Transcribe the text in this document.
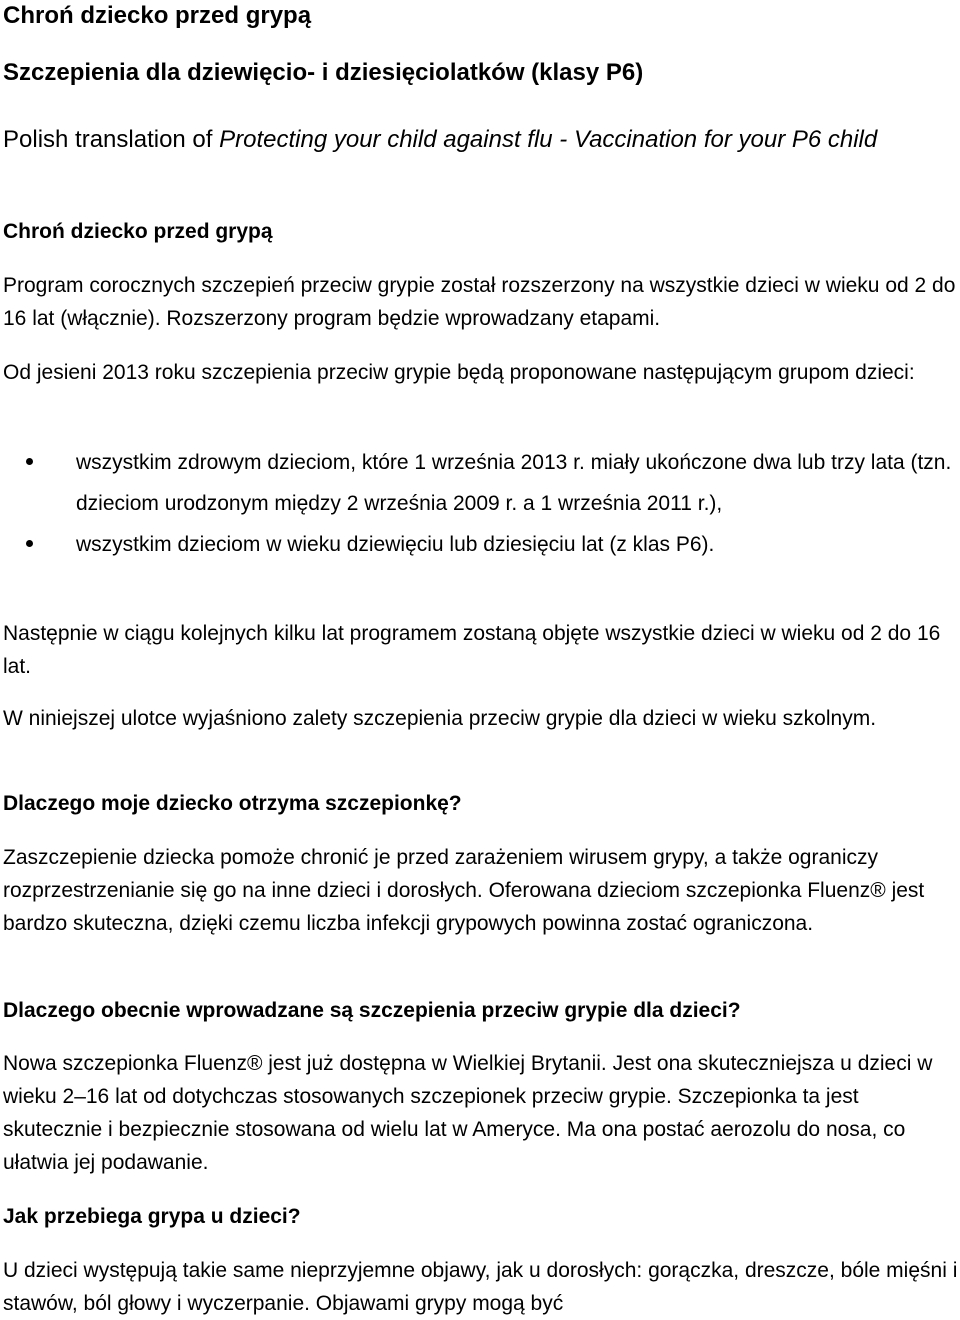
Chroń dziecko przed grypą
Szczepienia dla dziewięcio- i dziesięciolatków (klasy P6)

Polish translation of Protecting your child against flu - Vaccination for your P6 child

Chroń dziecko przed grypą

Program corocznych szczepień przeciw grypie został rozszerzony na wszystkie dzieci w wieku od 2 do 16 lat (włącznie). Rozszerzony program będzie wprowadzany etapami.

Od jesieni 2013 roku szczepienia przeciw grypie będą proponowane następującym grupom dzieci:

wszystkim zdrowym dzieciom, które 1 września 2013 r. miały ukończone dwa lub trzy lata (tzn. dzieciom urodzonym między 2 września 2009 r. a 1 września 2011 r.),
wszystkim dzieciom w wieku dziewięciu lub dziesięciu lat (z klas P6).

Następnie w ciągu kolejnych kilku lat programem zostaną objęte wszystkie dzieci w wieku od 2 do 16 lat.

W niniejszej ulotce wyjaśniono zalety szczepienia przeciw grypie dla dzieci w wieku szkolnym.

Dlaczego moje dziecko otrzyma szczepionkę?

Zaszczepienie dziecka pomoże chronić je przed zarażeniem wirusem grypy, a także ograniczy rozprzestrzenianie się go na inne dzieci i dorosłych. Oferowana dzieciom szczepionka Fluenz® jest bardzo skuteczna, dzięki czemu liczba infekcji grypowych powinna zostać ograniczona.

Dlaczego obecnie wprowadzane są szczepienia przeciw grypie dla dzieci?

Nowa szczepionka Fluenz® jest już dostępna w Wielkiej Brytanii. Jest ona skuteczniejsza u dzieci w wieku 2–16 lat od dotychczas stosowanych szczepionek przeciw grypie. Szczepionka ta jest skutecznie i bezpiecznie stosowana od wielu lat w Ameryce. Ma ona postać aerozolu do nosa, co ułatwia jej podawanie.

Jak przebiega grypa u dzieci?

U dzieci występują takie same nieprzyjemne objawy, jak u dorosłych: gorączka, dreszcze, bóle mięśni i stawów, ból głowy i wyczerpanie. Objawami grypy mogą być
